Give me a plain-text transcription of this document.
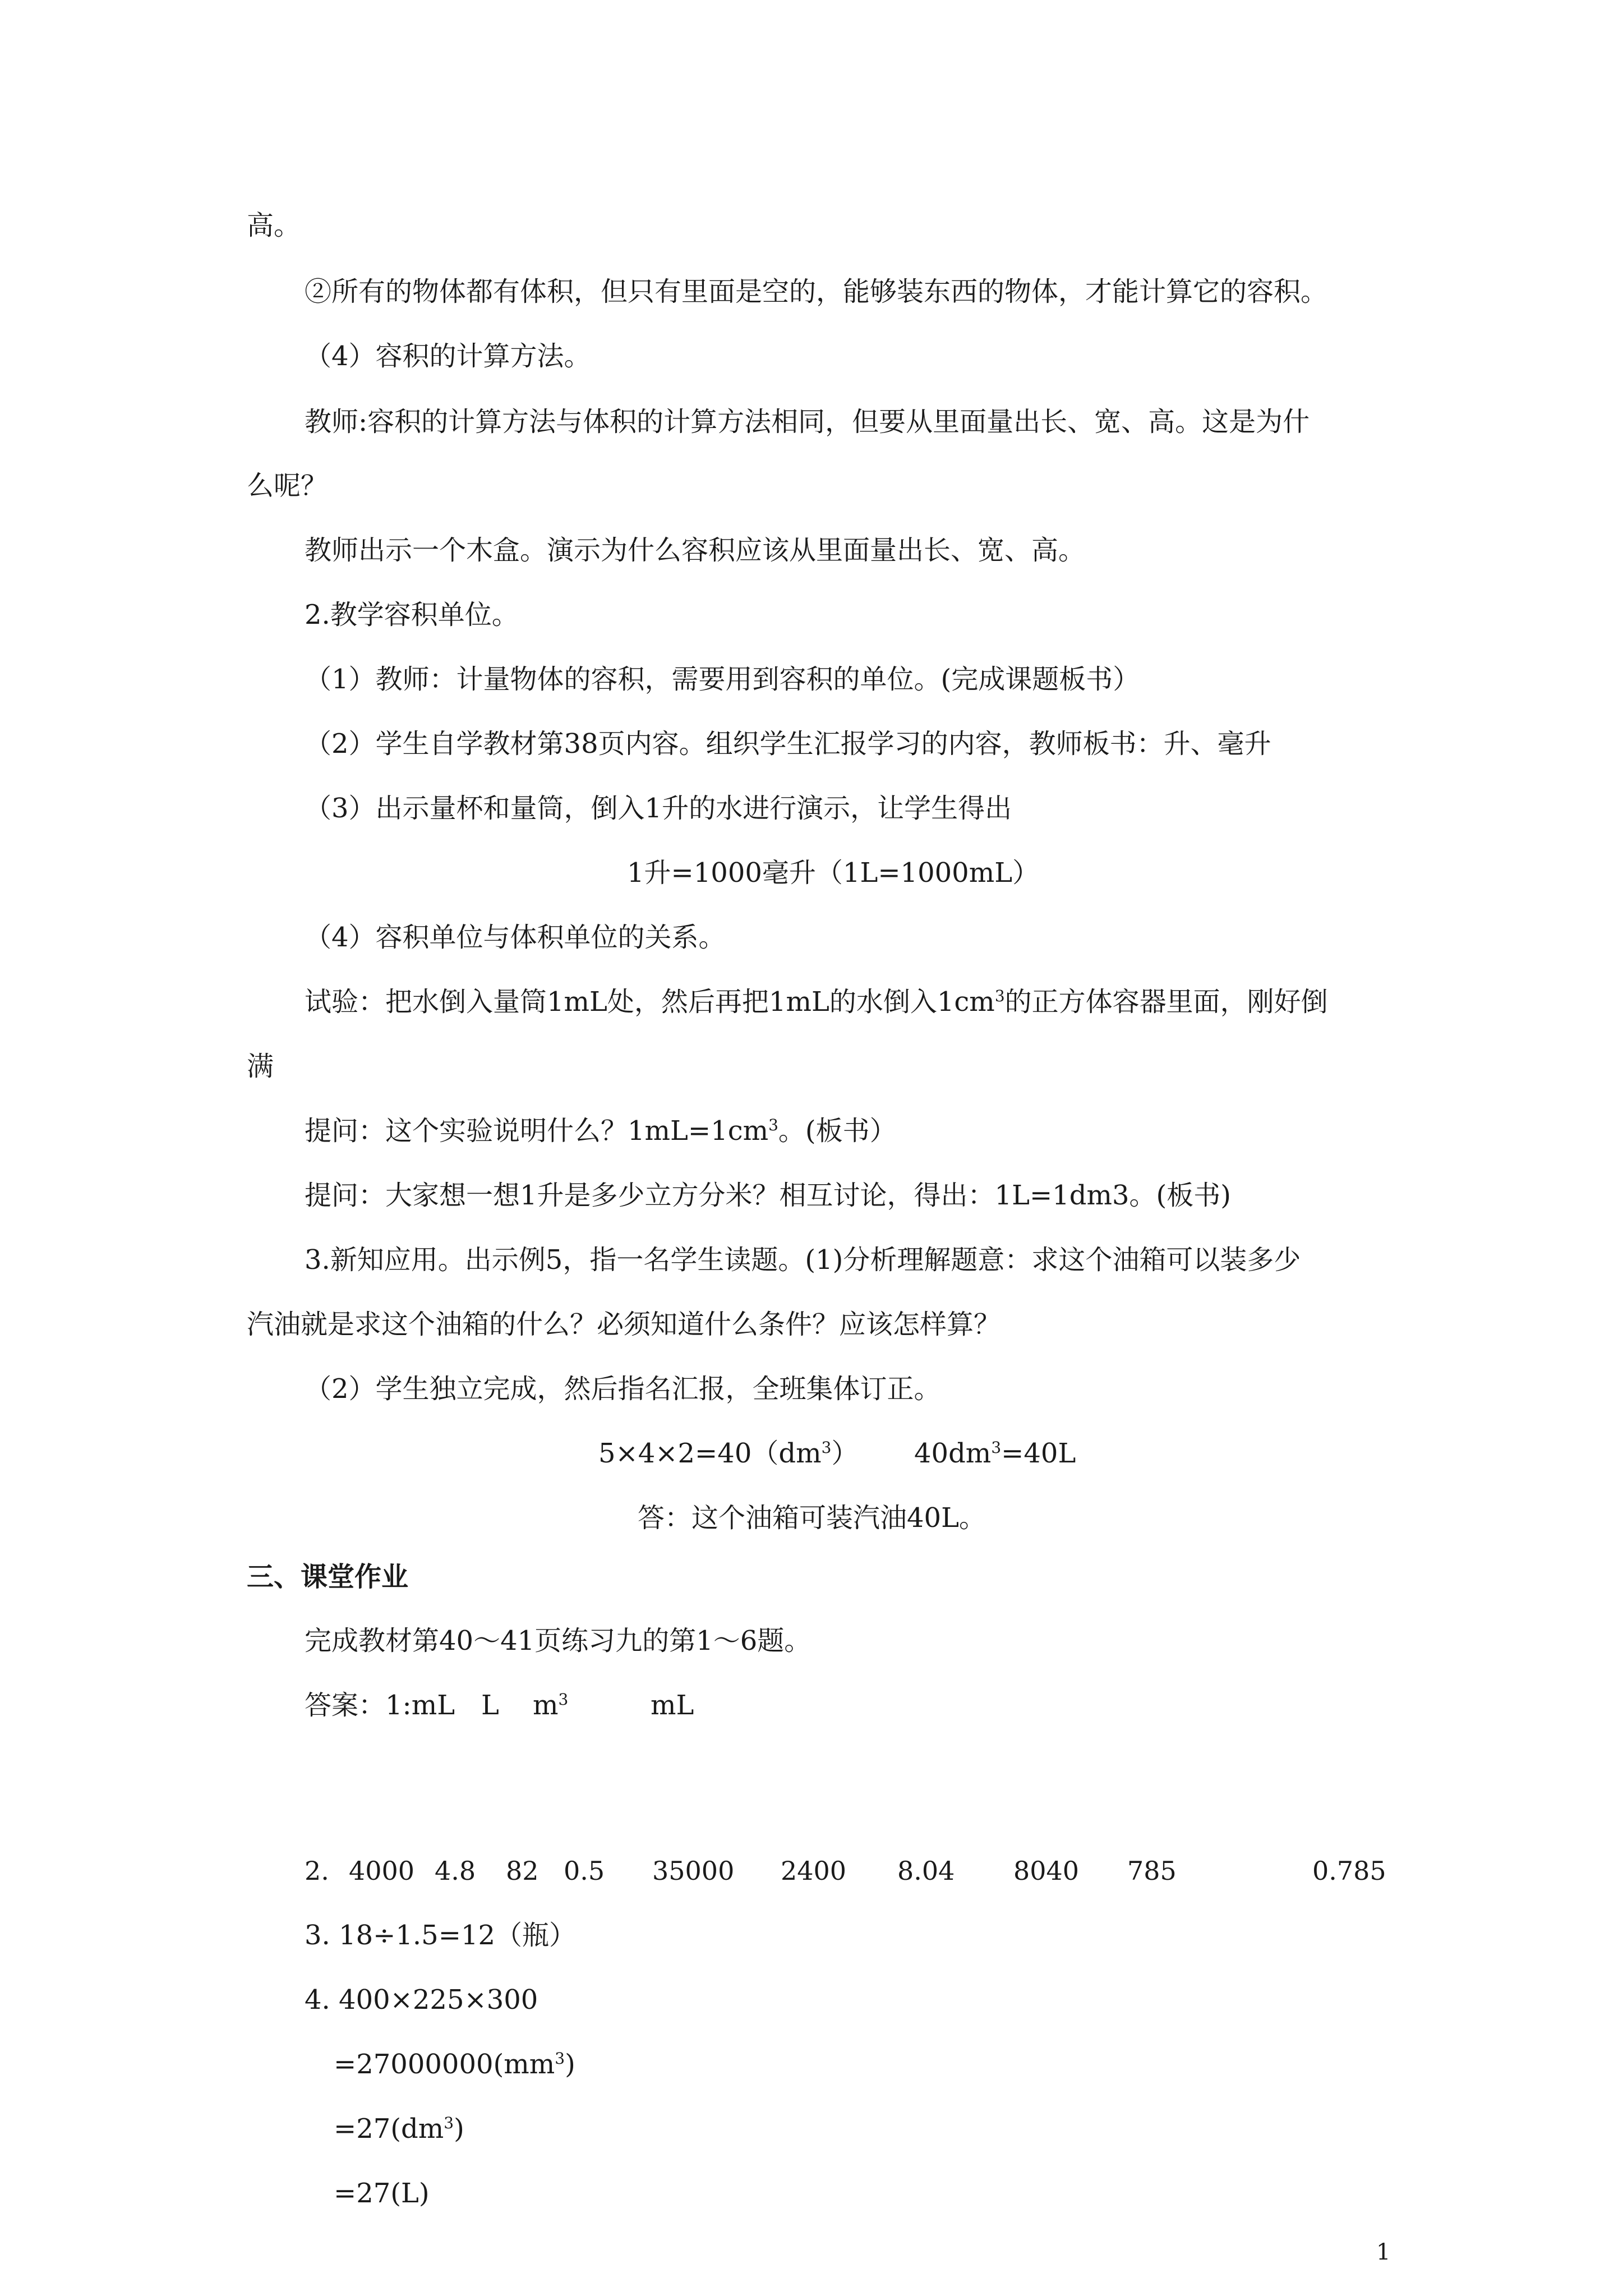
高。
②所有的物体都有体积，但只有里面是空的，能够装东西的物体，才能计算它的容积。
（4）容积的计算方法。
教师:容积的计算方法与体积的计算方法相同，但要从里面量出长、宽、高。这是为什
么呢？
教师出示一个木盒。演示为什么容积应该从里面量出长、宽、高。
2.教学容积单位。
（1）教师：计量物体的容积，需要用到容积的单位。(完成课题板书）
（2）学生自学教材第38页内容。组织学生汇报学习的内容，教师板书：升、毫升
（3）出示量杯和量筒，倒入1升的水进行演示，让学生得出
1升=1000毫升（1L=1000mL）
（4）容积单位与体积单位的关系。
试验：把水倒入量筒1mL处，然后再把1mL的水倒入$1cm^3$的正方体容器里面，刚好倒
满
提问：这个实验说明什么？$1mL=1cm^3$。(板书）
提问：大家想一想1升是多少立方分米？相互讨论，得出：1L=1dm3。(板书)
3.新知应用。出示例5，指一名学生读题。(1)分析理解题意：求这个油箱可以装多少
汽油就是求这个油箱的什么？必须知道什么条件？应该怎样算？
（2）学生独立完成，然后指名汇报，全班集体订正。
$5\times 4\times 2=40(dm^3)$ $40dm^3=40L$
答：这个油箱可装汽油40L。
三、课堂作业
完成教材第40～41页练习九的第1～6题。
答案：1:mL L $m^3$	mL
2. 4000 4.8 82 0.5 35000 2400 8.04 8040 785	0.785
3. 18÷1.5=12（瓶）
4. 400×225×300
$=27000000(mm^3)$
$=27(dm^3)$
=27(L)
1
